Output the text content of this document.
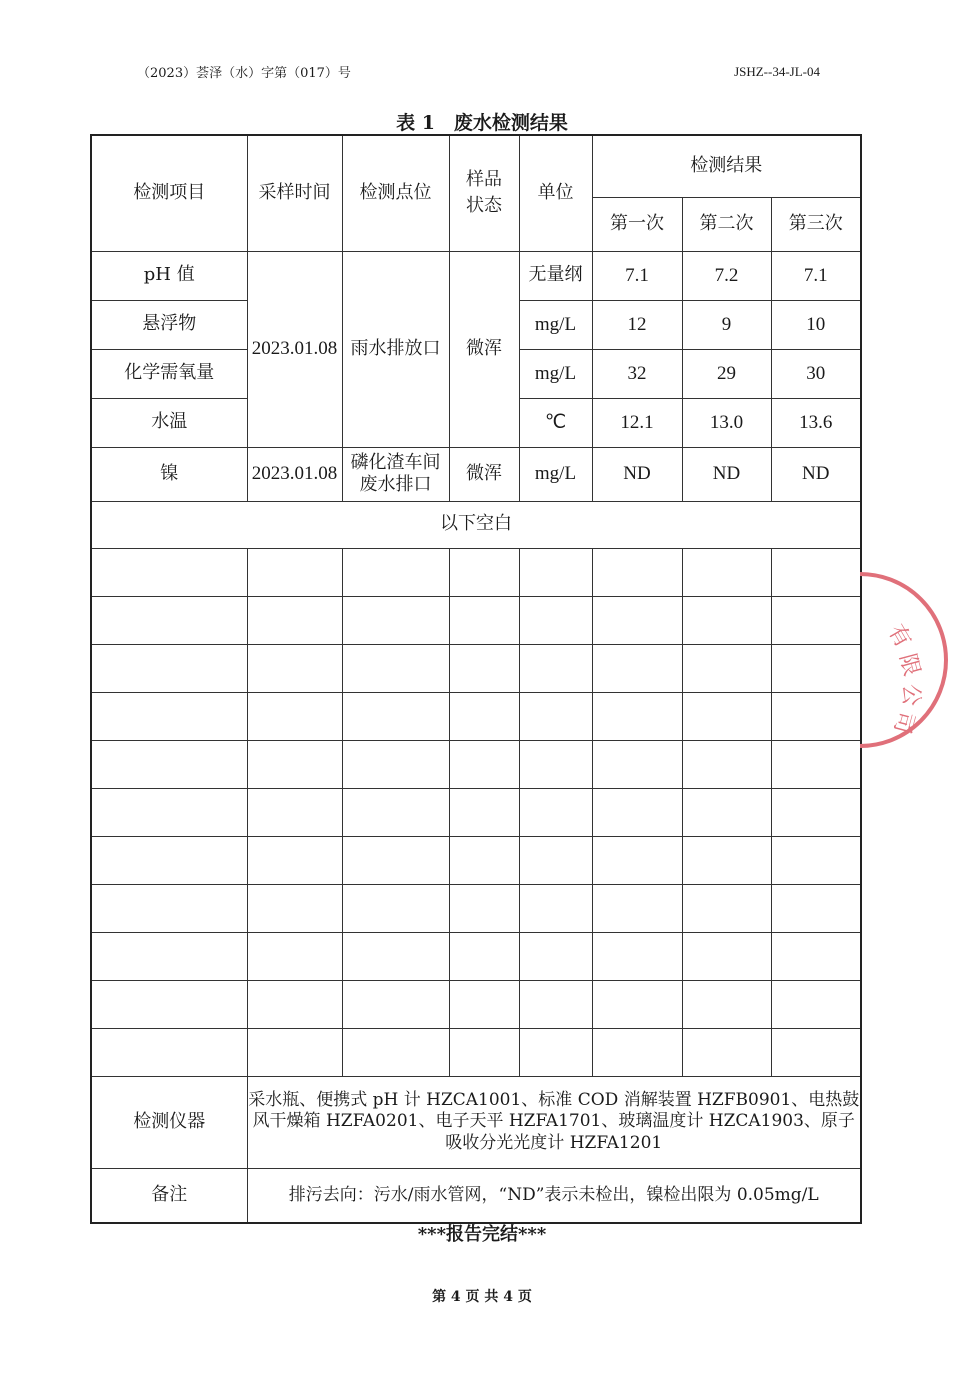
（2023）荟泽（水）字第（017）号	JSHZ--34-JL-04
表 1　废水检测结果
检测项目	采样时间	检测点位	样品状态	单位	检测结果		
					第一次	第二次	第三次
pH 值	2023.01.08	雨水排放口	微浑	无量纲	7.1	7.2	7.1
悬浮物				mg/L	12	9	10
化学需氧量				mg/L	32	29	30
水温				℃	12.1	13.0	13.6
镍	2023.01.08	磷化渣车间废水排口	微浑	mg/L	ND	ND	ND
以下空白							

检测仪器	采水瓶、便携式 pH 计 HZCA1001、标准 COD 消解装置 HZFB0901、电热鼓风干燥箱 HZFA0201、电子天平 HZFA1701、玻璃温度计 HZCA1903、原子吸收分光光度计 HZFA1201						
备注	排污去向：污水/雨水管网，“ND”表示未检出，镍检出限为 0.05mg/L						
***报告完结***
第 4 页 共 4 页
有
限
公
司
